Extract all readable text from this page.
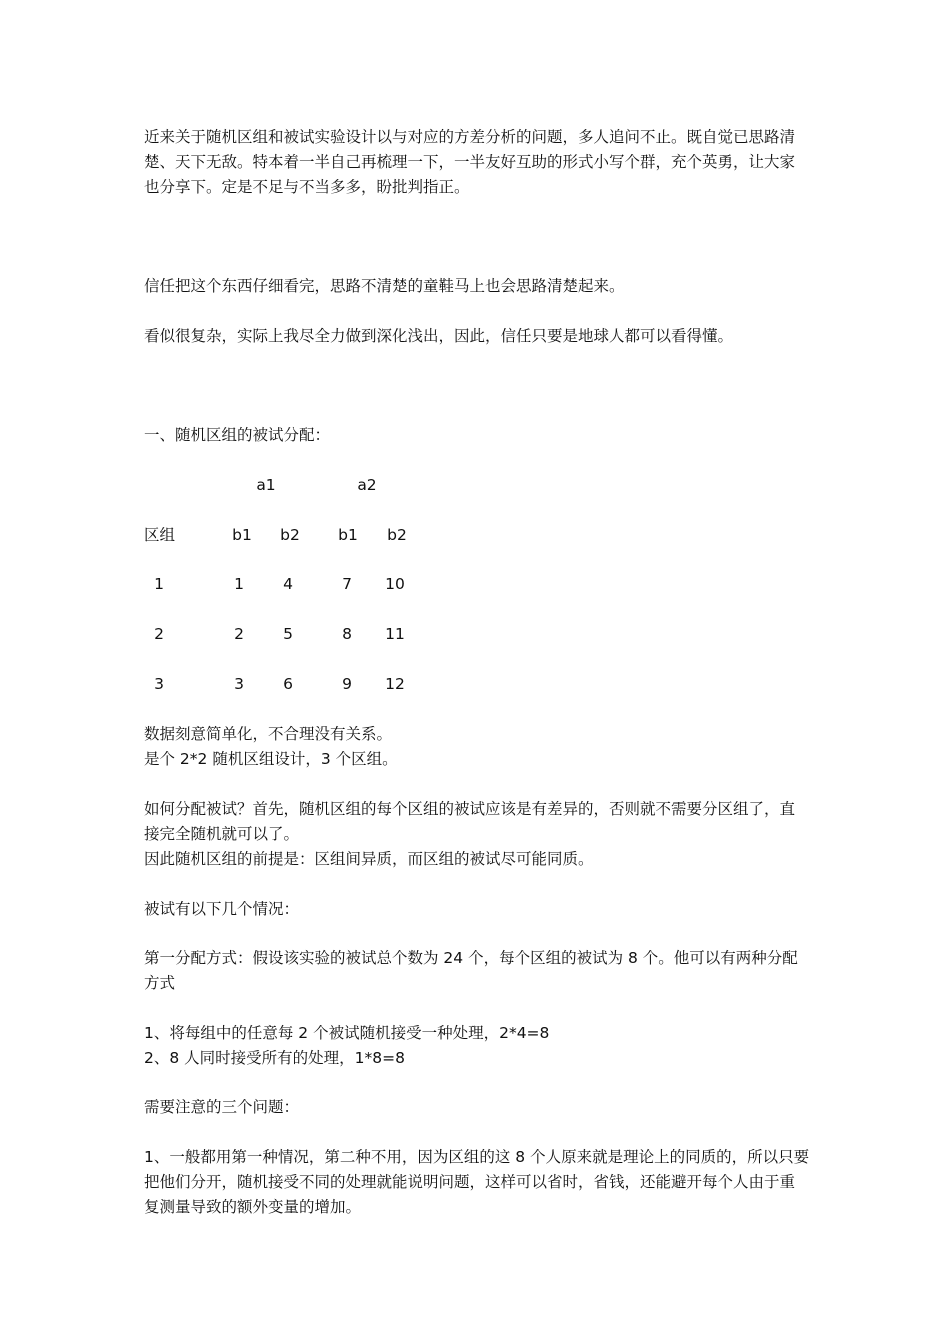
近来关于随机区组和被试实验设计以与对应的方差分析的问题，多人追问不止。既自觉已思路清楚、天下无敌。特本着一半自己再梳理一下，一半友好互助的形式小写个群，充个英勇，让大家也分享下。定是不足与不当多多，盼批判指正。
信任把这个东西仔细看完，思路不清楚的童鞋马上也会思路清楚起来。
看似很复杂，实际上我尽全力做到深化浅出，因此，信任只要是地球人都可以看得懂。
一、随机区组的被试分配：
a1	a2
区组	b1	b2	b1	b2
1	1	4	7	10
2	2	5	8	11
3	3	6	9	12
数据刻意简单化，不合理没有关系。
是个 2*2 随机区组设计，3 个区组。
如何分配被试？首先，随机区组的每个区组的被试应该是有差异的，否则就不需要分区组了，直接完全随机就可以了。
因此随机区组的前提是：区组间异质，而区组的被试尽可能同质。
被试有以下几个情况：
第一分配方式：假设该实验的被试总个数为 24 个，每个区组的被试为 8 个。他可以有两种分配方式
1、将每组中的任意每 2 个被试随机接受一种处理，2*4=8
2、8 人同时接受所有的处理，1*8=8
需要注意的三个问题：
1、一般都用第一种情况，第二种不用，因为区组的这 8 个人原来就是理论上的同质的，所以只要把他们分开，随机接受不同的处理就能说明问题，这样可以省时，省钱，还能避开每个人由于重复测量导致的额外变量的增加。
